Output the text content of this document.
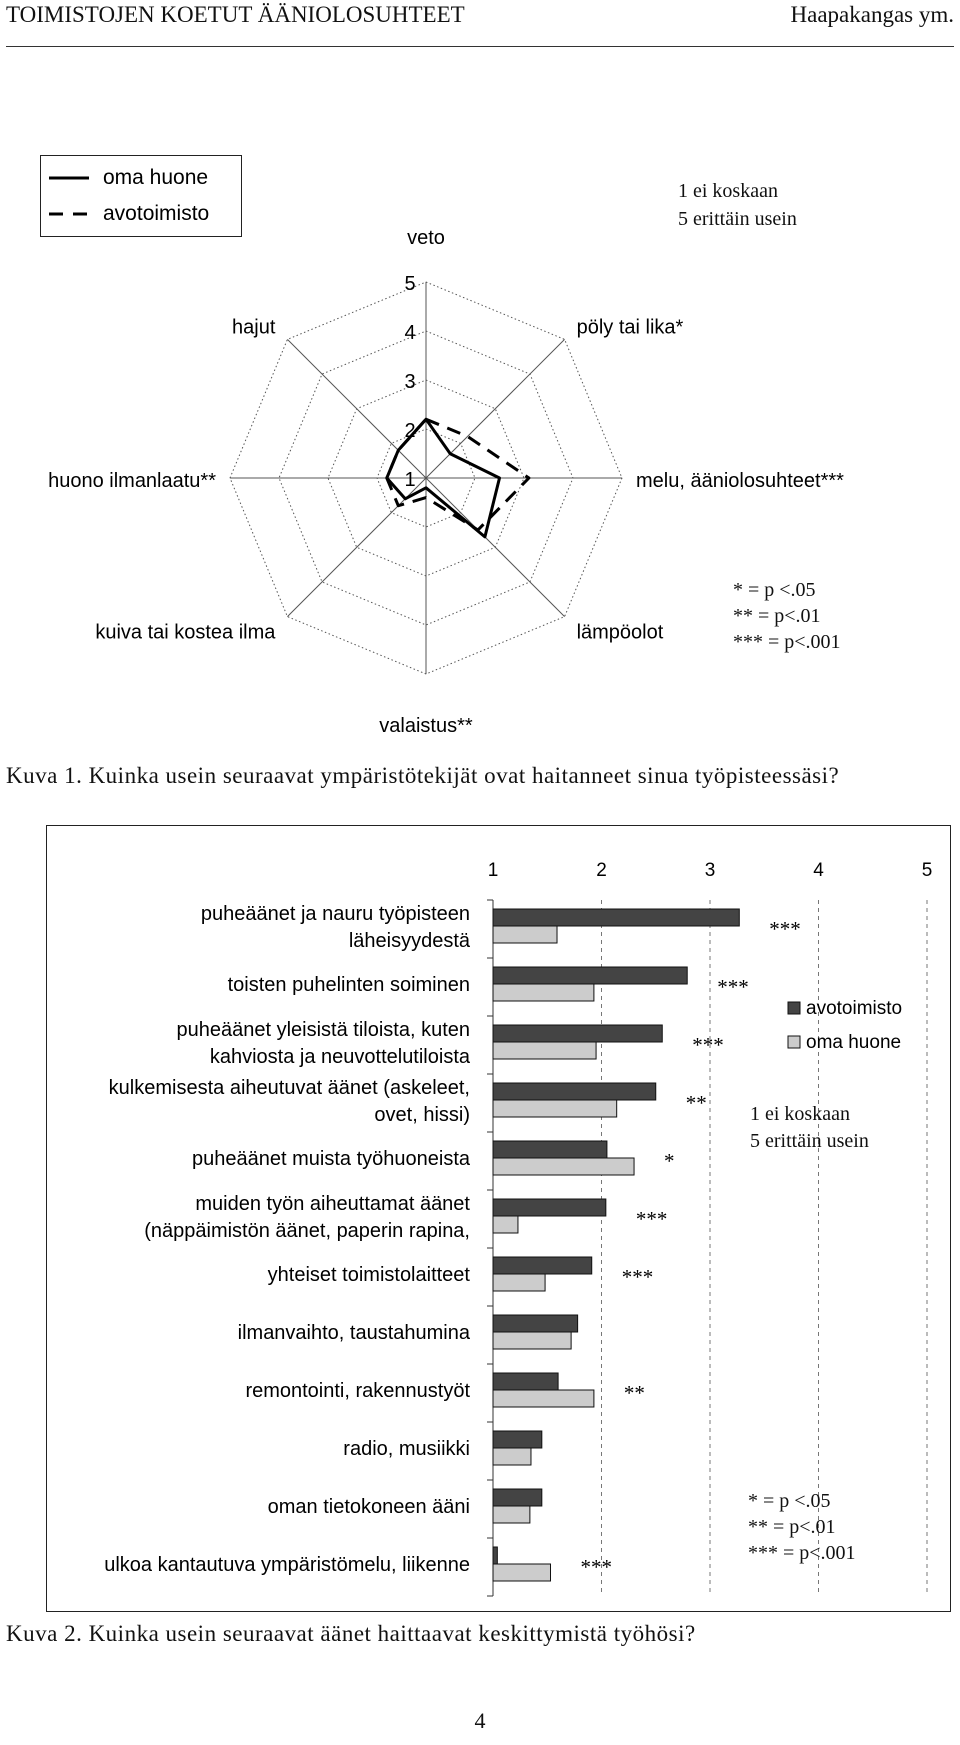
TOIMISTOJEN KOETUT ÄÄNIOLOSUHTEET	Haapakangas ym.
oma huone
avotoimisto
1 ei koskaan
5 erittäin usein
* = p <.05
** = p<.01
*** = p<.001
1
2
3
4
5
veto
pöly tai lika*
melu, ääniolosuhteet***
lämpöolot
valaistus**
kuiva tai kostea ilma
huono ilmanlaatu**
hajut
Kuva 1. Kuinka usein seuraavat ympäristötekijät ovat haitanneet sinua työpisteessäsi?
1	2	3	4	5
puheäänet ja nauru työpisteen
läheisyydestä	***
toisten puhelinten soiminen	***
puheäänet yleisistä tiloista, kuten
kahviosta ja neuvottelutiloista	***
kulkemisesta aiheutuvat äänet (askeleet,
ovet, hissi)	**
puheäänet muista työhuoneista	*
muiden työn aiheuttamat äänet
(näppäimistön äänet, paperin rapina,	***
yhteiset toimistolaitteet	***
ilmanvaihto, taustahumina
remontointi, rakennustyöt	**
radio, musiikki
oman tietokoneen ääni
ulkoa kantautuva ympäristömelu, liikenne	***
avotoimisto
oma huone
1 ei koskaan
5 erittäin usein
* = p <.05
** = p<.01
*** = p<.001
Kuva 2. Kuinka usein seuraavat äänet haittaavat keskittymistä työhösi?
4
